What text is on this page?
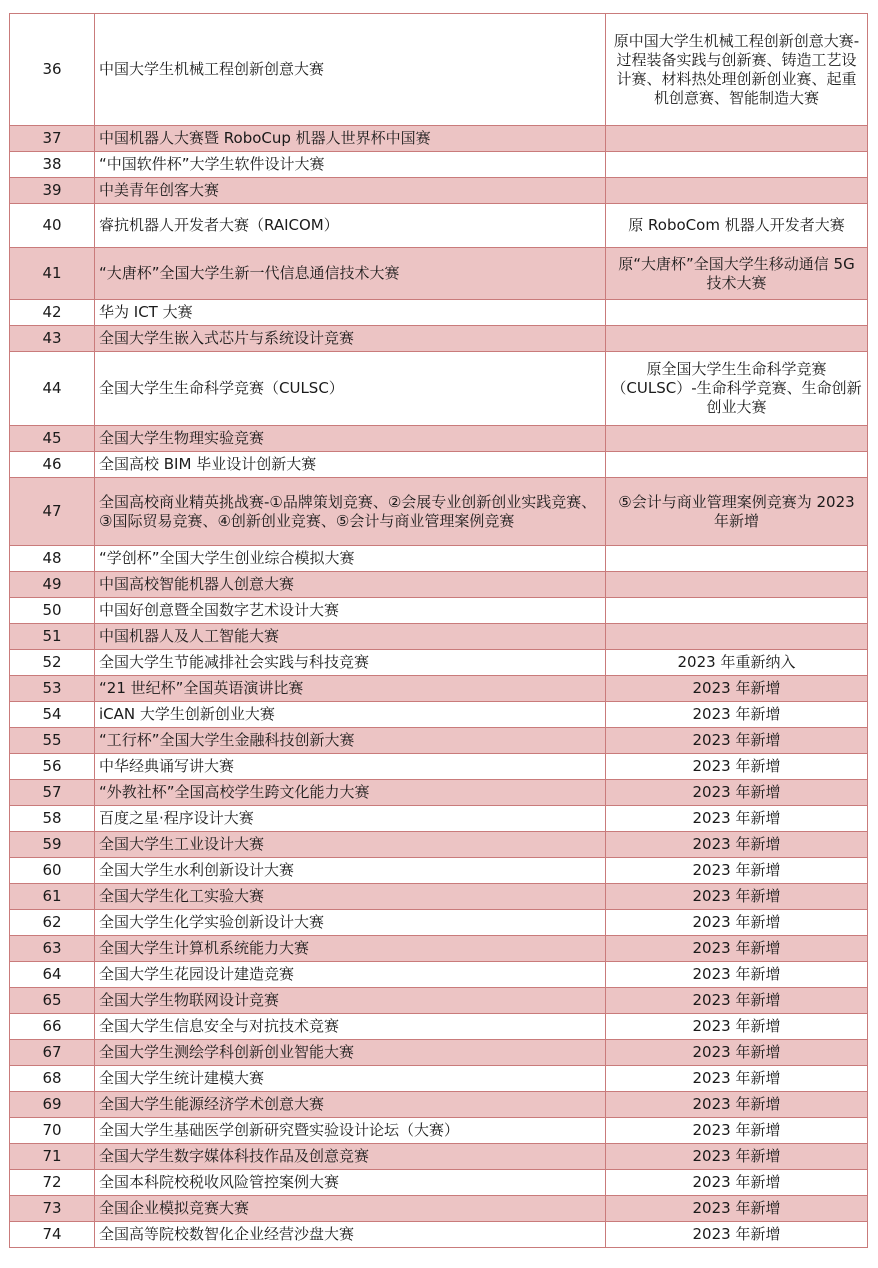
36	中国大学生机械工程创新创意大赛	原中国大学生机械工程创新创意大赛-过程装备实践与创新赛、铸造工艺设计赛、材料热处理创新创业赛、起重机创意赛、智能制造大赛
37	中国机器人大赛暨 RoboCup 机器人世界杯中国赛	
38	“中国软件杯”大学生软件设计大赛	
39	中美青年创客大赛	
40	睿抗机器人开发者大赛（RAICOM）	原 RoboCom 机器人开发者大赛
41	“大唐杯”全国大学生新一代信息通信技术大赛	原“大唐杯”全国大学生移动通信 5G 技术大赛
42	华为 ICT 大赛	
43	全国大学生嵌入式芯片与系统设计竞赛	
44	全国大学生生命科学竞赛（CULSC）	原全国大学生生命科学竞赛（CULSC）-生命科学竞赛、生命创新创业大赛
45	全国大学生物理实验竞赛	
46	全国高校 BIM 毕业设计创新大赛	
47	全国高校商业精英挑战赛-①品牌策划竞赛、②会展专业创新创业实践竞赛、③国际贸易竞赛、④创新创业竞赛、⑤会计与商业管理案例竞赛	⑤会计与商业管理案例竞赛为 2023 年新增
48	“学创杯”全国大学生创业综合模拟大赛	
49	中国高校智能机器人创意大赛	
50	中国好创意暨全国数字艺术设计大赛	
51	中国机器人及人工智能大赛	
52	全国大学生节能减排社会实践与科技竞赛	2023 年重新纳入
53	“21 世纪杯”全国英语演讲比赛	2023 年新增
54	iCAN 大学生创新创业大赛	2023 年新增
55	“工行杯”全国大学生金融科技创新大赛	2023 年新增
56	中华经典诵写讲大赛	2023 年新增
57	“外教社杯”全国高校学生跨文化能力大赛	2023 年新增
58	百度之星·程序设计大赛	2023 年新增
59	全国大学生工业设计大赛	2023 年新增
60	全国大学生水利创新设计大赛	2023 年新增
61	全国大学生化工实验大赛	2023 年新增
62	全国大学生化学实验创新设计大赛	2023 年新增
63	全国大学生计算机系统能力大赛	2023 年新增
64	全国大学生花园设计建造竞赛	2023 年新增
65	全国大学生物联网设计竞赛	2023 年新增
66	全国大学生信息安全与对抗技术竞赛	2023 年新增
67	全国大学生测绘学科创新创业智能大赛	2023 年新增
68	全国大学生统计建模大赛	2023 年新增
69	全国大学生能源经济学术创意大赛	2023 年新增
70	全国大学生基础医学创新研究暨实验设计论坛（大赛）	2023 年新增
71	全国大学生数字媒体科技作品及创意竞赛	2023 年新增
72	全国本科院校税收风险管控案例大赛	2023 年新增
73	全国企业模拟竞赛大赛	2023 年新增
74	全国高等院校数智化企业经营沙盘大赛	2023 年新增
